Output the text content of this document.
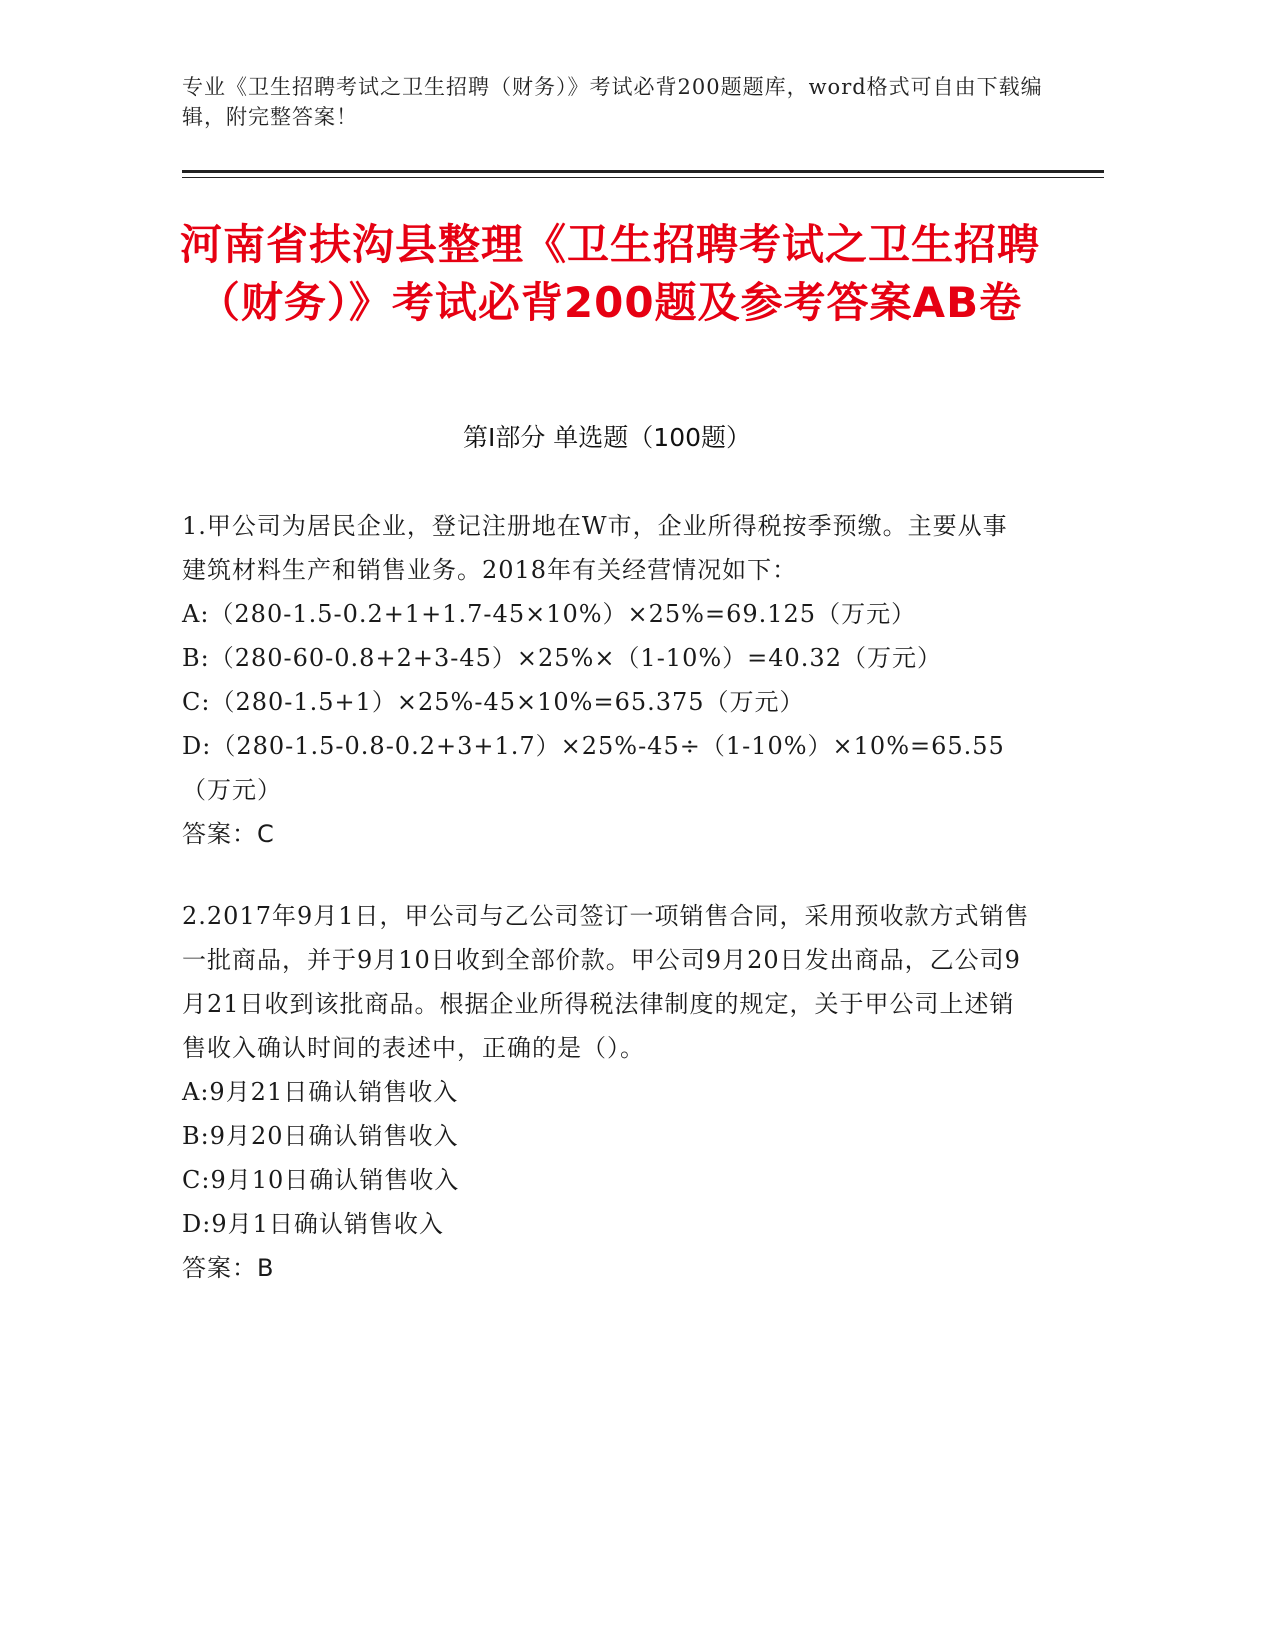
专业《卫生招聘考试之卫生招聘（财务）》考试必背200题题库，word格式可自由下载编辑，附完整答案！
河南省扶沟县整理《卫生招聘考试之卫生招聘（财务）》考试必背200题及参考答案AB卷
第Ⅰ部分 单选题（100题）

1.甲公司为居民企业，登记注册地在W市，企业所得税按季预缴。主要从事建筑材料生产和销售业务。2018年有关经营情况如下：

A:（280-1.5-0.2+1+1.7-45×10%）×25%=69.125（万元）

B:（280-60-0.8+2+3-45）×25%×（1-10%）=40.32（万元）

C:（280-1.5+1）×25%-45×10%=65.375（万元）

D:（280-1.5-0.8-0.2+3+1.7）×25%-45÷（1-10%）×10%=65.55（万元）

答案：C

2.2017年9月1日，甲公司与乙公司签订一项销售合同，采用预收款方式销售一批商品，并于9月10日收到全部价款。甲公司9月20日发出商品，乙公司9月21日收到该批商品。根据企业所得税法律制度的规定，关于甲公司上述销售收入确认时间的表述中，正确的是（）。

A:9月21日确认销售收入

B:9月20日确认销售收入

C:9月10日确认销售收入

D:9月1日确认销售收入

答案：B
